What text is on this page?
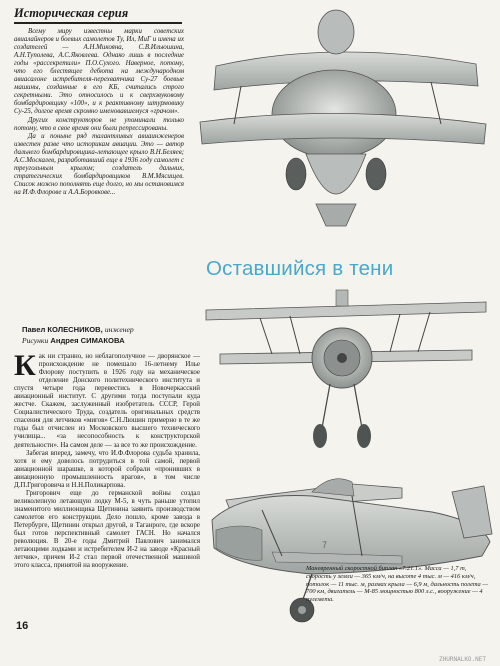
Историческая серия

Всему миру известны марки советских авиалайнеров и боевых самолетов Ту, Ил, МиГ и имена их создателей — А.Н.Микояна, С.В.Ильюшина, А.Н.Туполева, А.С.Яковлева. Однако лишь в последние годы «рассекретили» П.О.Сухого. Наверное, потому, что его блестящее дебюта на международном авиасалоне истребителя-перехватчика Су-27 боевые машины, созданные в его КБ, считались строго секретными. Это относилось и к сверхзвуковому бомбардировщику «100», и к реактивному штурмовику Су-25, долгое время скромно именовавшемуся «грачом».

Других конструкторов не упоминали только потому, что в свое время они были репрессированы.

Да и поныне ряд талантливых авиаинженеров известен разве что историкам авиации. Это — автор дальнего бомбардировщика-летающее крыло В.Н.Беляев; А.С.Москалев, разработавший еще в 1936 году самолет с треугольным крылом; создатель дальних, стратегических бомбардировщиков В.М.Мясищев. Список можно пополнять еще долго, но мы остановимся на И.Ф.Флорове и А.А.Боровкове...

Павел КОЛЕСНИКОВ, инженер
Рисунки Андрея СИМАКОВА

Как ни странно, но неблагополучное — дворянское — происхождение не помешало 16-летнему Илье Флорову поступить в 1926 году на механическое отделение Донского политехнического института и спустя четыре года перевестись в Новочеркасский авиационный институт. С другими тогда поступали куда жестче. Скажем, заслуженный изобретатель СССР, Герой Социалистического Труда, создатель оригинальных средств спасения для летчиков «мигов» С.Н.Люшин примерно в те же годы был отчислен из Московского высшего технического училища... «за несопособность к конструкторской деятельности». На самом деле — за все то же происхождение.

Забегая вперед, замечу, что И.Ф.Флорова судьба хранила, хотя и ему довелось потрудиться в той самой, первой авиационной шарашке, в которой собрали «пронивших в авиационную промышленность врагов», в том числе Д.П.Григоровича и Н.Н.Поликарпова.

Григорович еще до германской войны создал великолепную летающую лодку М-5, в чуть раньше утопил знаменитого миллионщика Щетинина заявить производством самолетов его конструкции. Дело пошло, кроме завода в Петербурге, Щетинин открыл другой, в Таганроге, где вскоре был готов перспективный самолет ГАСН. Но начался революция. В 20-е годы Дмитрий Павлович занимался летающими лодками и истребителем И-2 на заводе «Красный летчик», причем И-2 стал первой отечественной машиной этого класса, принятой на вооружение.

16
Оставшийся в тени
7
Маневренный скоростной биплан «7.21.1». Масса — 1,7 т, скорость у земли — 365 км/ч, на высоте 4 тыс. м — 416 км/ч, потолок — 11 тыс. м, размах крыла — 6,9 м, дальность полета — 700 км, двигатель — М-85 мощностью 800 л.с., вооружение — 4 пулемета.
ZHURNALKO.NET
